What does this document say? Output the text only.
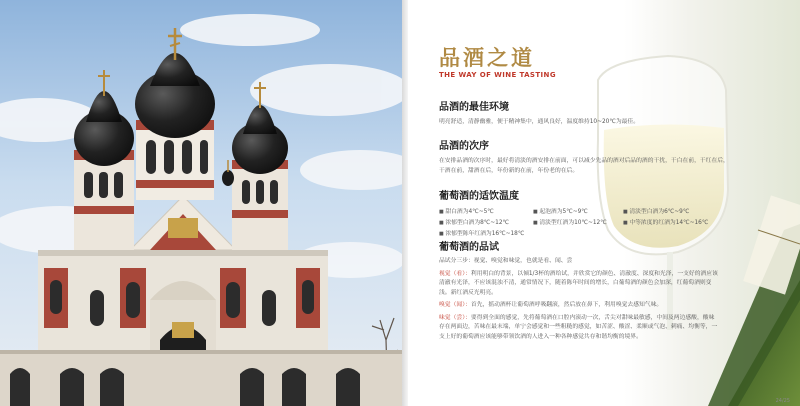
品酒之道
THE WAY OF WINE TASTING

品酒的最佳环境

明亮舒适，清静幽雅，便于精神集中，通风良好，温度维持10~20℃为最佳。

品酒的次序

在安排品酒的次序时，最好将清淡的酒安排在前面，可以减少先品的酒对后品的酒的干扰，干白在前，干红在后，干酒在前，甜酒在后，年份新的在前，年份老的在后。

葡萄酒的适饮温度

■ 甜白酒为4℃~5℃	■ 起泡酒为5℃~9℃	■ 清淡型白酒为6℃~9℃
■ 浓郁型白酒为8℃~12℃	■ 清淡型红酒为10℃~12℃	■ 中等浓度的红酒为14℃~16℃
■ 浓郁型陈年红酒为16℃~18℃

葡萄酒的品试

品试分三步：视觉、嗅觉和味觉，也就是看、闻、尝
视觉（看）：利用明白的背景，以倾1/3杯的酒给试，并欣赏它的颜色、清澈度、深度和光泽，一支好的酒应该清澈有光泽，不应该混浊不清，通常情况下，随着陈年时间的增长，白葡萄酒的颜色会加深，红葡萄酒则变浅。新红酒反光明亮。
嗅觉（闻）：首先，摇动酒杯让葡萄酒呼吸翻滚，然后放在鼻下，利用嗅觉去感知气味。
味觉（尝）：要得到全面的感觉，先将葡萄酒在口腔内滚动一次，舌尖对甜味最敏感，中间及两边感酸，酸味存在两面边，苦味在最末端，单宁会感觉和一些粗糙的感觉，如苦涩、酸涩、柔顺或气泡、刺痛、均衡等，一支上好的葡萄酒应该能够带领饮酒的人进入一种各种感觉共存和谐均衡的境界。
24/25
